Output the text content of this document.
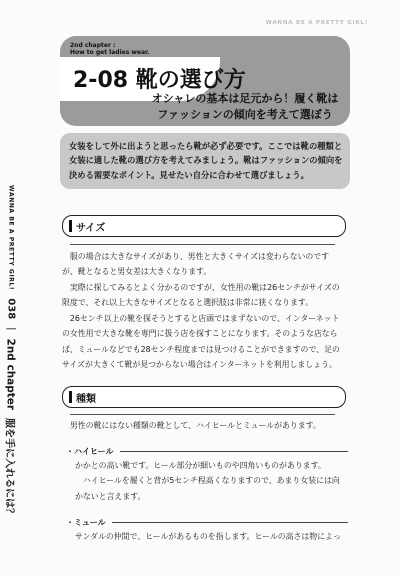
WANNA BE A PRETTY GIRL!
WANNA BE A PRETTY GIRL!
038
|
2nd chapter
服を手に入れるには？
2nd chapter :
How to get ladies wear.
2-08 靴の選び方
オシャレの基本は足元から！履く靴は
ファッションの傾向を考えて選ぼう
女装をして外に出ようと思ったら靴が必ず必要です。ここでは靴の種類と
女装に適した靴の選び方を考えてみましょう。靴はファッションの傾向を
決める需要なポイント。見せたい自分に合わせて選びましょう。
サイズ

服の場合は大きなサイズがあり、男性と大きくサイズは変わらないのですが、靴となると男女差は大きくなります。

実際に探してみるとよく分かるのですが、女性用の靴は26センチがサイズの限度で、それ以上大きなサイズとなると選択肢は非常に狭くなります。

26センチ以上の靴を探そうとすると店頭ではまずないので、インターネットの女性用で大きな靴を専門に扱う店を探すことになります。そのような店ならば、ミュールなどでも28センチ程度までは見つけることができますので、足のサイズが大きくて靴が見つからない場合はインターネットを利用しましょう。

種類

男性の靴にはない種類の靴として、ハイヒールとミュールがあります。

・ハイヒール

かかとの高い靴です。ヒール部分が細いものや四角いものがあります。

ハイヒールを履くと背が5センチ程高くなりますので、あまり女装には向かないと言えます。

・ミュール

サンダルの仲間で、ヒールがあるものを指します。ヒールの高さは物によっ
